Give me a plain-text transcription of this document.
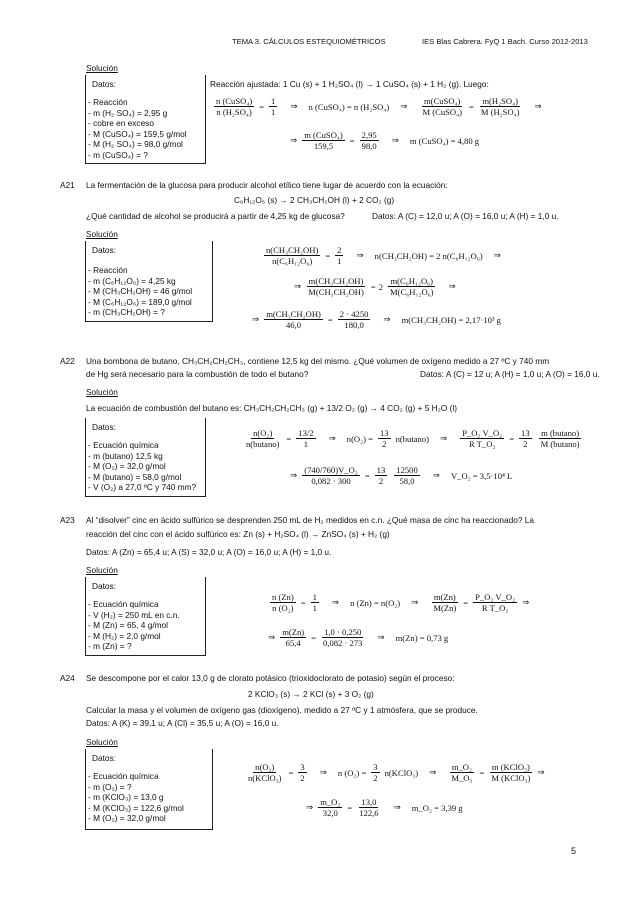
TEMA 3. CÁLCULOS ESTEQUIOMÉTRICOS	IES Blas Cabrera. FyQ 1 Bach. Curso 2012-2013
Solución
Datos:

- Reacción

- m (H₂ SO₄) = 2,95 g

- cobre en exceso

- M (CuSO₄) = 159,5 g/mol

- M (H₂ SO₄) = 98,0 g/mol

- m (CuSO₄) = ?

Reacción ajustada: 1 Cu (s) + 1 H₂SO₄ (l) → 1 CuSO₄ (s) + 1 H₂ (g). Luego:
$\frac{\text{n (CuSO₄)}}{\text{n (H₂SO₄)}} = \frac{1}{1}$ ⇒ n (CuSO₄) = n (H₂SO₄) ⇒ $\frac{\text{m(CuSO₄)}}{\text{M (CuSO₄)}} = \frac{\text{m(H₂SO₄)}}{\text{M (H₂SO₄)}}$ ⇒
⇒ $\frac{\text{m (CuSO₄)}}{159,5} = \frac{2,95}{98,0}$ ⇒ m (CuSO₄) = 4,80 g
A21 La fermentación de la glucosa para producir alcohol etílico tiene lugar de acuerdo con la ecuación:
C₆H₁₂O₆ (s) → 2 CH₃CH₂OH (l) + 2 CO₂ (g)
¿Qué cantidad de alcohol se producirá a partir de 4,25 kg de glucosa?	Datos: A (C) = 12,0 u; A (O) = 16,0 u; A (H) = 1,0 u.
Solución
Datos:

- Reacción

- m (C₆H₁₂O₆) = 4,25 kg

- M (CH₃CH₂OH) = 46 g/mol

- M (C₆H₁₂O₆) = 189,0 g/mol

- m (CH₃CH₂OH) = ?

$\frac{\text{n(CH₃CH₂OH)}}{\text{n(C₆H₁₂O₆)}} = \frac{2}{1}$ ⇒ n(CH₃CH₂OH) = 2 n(C₆H₁₂O₆) ⇒
⇒ $\frac{\text{m(CH₃CH₂OH)}}{\text{M(CH₃CH₂OH)}} = 2 \frac{\text{m(C₆H₁₂O₆)}}{\text{M(C₆H₁₂O₆)}}$ ⇒
⇒ $\frac{\text{m(CH₃CH₂OH)}}{46,0} = \frac{2 \cdot 4250}{180,0}$ ⇒ m(CH₃CH₂OH) = 2,17·10³ g
A22 Una bombona de butano, CH₃CH₂CH₂CH₃, contiene 12,5 kg del mismo. ¿Qué volumen de oxígeno medido a 27 ºC y 740 mm
de Hg será necesario para la combustión de todo el butano?	Datos: A (C) = 12 u; A (H) = 1,0 u; A (O) = 16,0 u.
Solución
La ecuación de combustión del butano es: CH₃CH₂CH₂CH₃ (g) + 13/2 O₂ (g) → 4 CO₂ (g) + 5 H₂O (l)
Datos:

- Ecuación química

- m (butano) 12,5 kg

- M (O₂) = 32,0 g/mol

- M (butano) = 58,0 g/mol

- V (O₂) a 27,0 ºC y 740 mm?

$\frac{\text{n(O₂)}}{n(butano)} = \frac{13/2}{1}$ ⇒ $n(O_2) = \frac{13}{2} n(butano)$ ⇒ $\frac{\text{P\_O₂ V\_O₂}}{\text{R T\_O₂}} = \frac{13}{2} \frac{m (butano)}{M (butano)}$
⇒ $\frac{\text{(740/760)V\_O₂}}{0,082 \cdot 300} = \frac{13}{2} \frac{12500}{58,0}$ ⇒ V_O₂ = 3,5·10⁴ L
A23 Al “disolver” cinc en ácido sulfúrico se desprenden 250 mL de H₂ medidos en c.n. ¿Qué masa de cinc ha reaccionado? La
reacción del cinc con el ácido sulfúrico es: Zn (s) + H₂SO₄ (l) → ZnSO₄ (s) + H₂ (g)
Datos: A (Zn) = 65,4 u; A (S) = 32,0 u; A (O) = 16,0 u; A (H) = 1,0 u.
Solución
Datos:

- Ecuación química

- V (H₂) = 250 mL en c.n.

- M (Zn) = 65, 4 g/mol

- M (H₂) = 2,0 g/mol

- m (Zn) = ?

$\frac{n (Zn)}{\text{n (O₂)}} = \frac{1}{1}$ ⇒ n (Zn) = n(O₂) ⇒ $\frac{m(Zn)}{M(Zn)} = \frac{\text{P\_O₂ V\_O₂}}{\text{R T\_O₂}}$ ⇒
⇒ $\frac{m(Zn)}{65,4} = \frac{1,0 \cdot 0,250}{0,082 \cdot 273}$ ⇒ m(Zn) = 0,73 g
A24 Se descompone por el calor 13,0 g de clorato potásico (trioxidoclorato de potasio) según el proceso:
2 KClO₃ (s) → 2 KCl (s) + 3 O₂ (g)
Calcular la masa y el volumen de oxígeno gas (dioxígeno), medido a 27 ºC y 1 atmósfera, que se produce.
Datos: A (K) = 39,1 u; A (Cl) = 35,5 u; A (O) = 16,0 u.
Solución
Datos:

- Ecuación química

- m (O₂) = ?

- m (KClO₃) = 13,0 g

- M (KClO₃) = 122,6 g/mol

- M (O₂) = 32,0 g/mol

$\frac{\text{n(O₂)}}{\text{n(KClO₃)}} = \frac{3}{2}$ ⇒ n $(O_2) = \frac{3}{2}$ n(KClO₃) ⇒ $\frac{\text{m\_O₂}}{\text{M\_O₂}} = \frac{\text{m (KClO₃)}}{\text{M (KClO₃)}}$ ⇒
⇒ $\frac{\text{m\_O₂}}{32,0} = \frac{13,0}{122,6}$ ⇒ m_O₂ = 3,39 g
5
